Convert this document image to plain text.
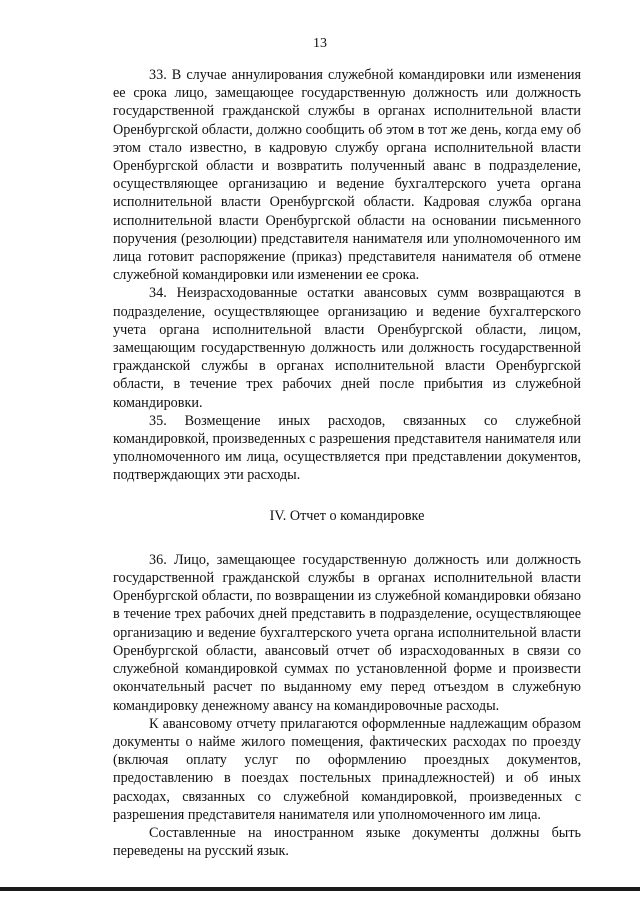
13

33. В случае аннулирования служебной командировки или изменения ее срока лицо, замещающее государственную должность или должность государственной гражданской службы в органах исполнительной власти Оренбургской области, должно сообщить об этом в тот же день, когда ему об этом стало известно, в кадровую службу органа исполнительной власти Оренбургской области и возвратить полученный аванс в подразделение, осуществляющее организацию и ведение бухгалтерского учета органа исполнительной власти Оренбургской области. Кадровая служба органа исполнительной власти Оренбургской области на основании письменного поручения (резолюции) представителя нанимателя или уполномоченного им лица готовит распоряжение (приказ) представителя нанимателя об отмене служебной командировки или изменении ее срока.

34. Неизрасходованные остатки авансовых сумм возвращаются в подразделение, осуществляющее организацию и ведение бухгалтерского учета органа исполнительной власти Оренбургской области, лицом, замещающим государственную должность или должность государственной гражданской службы в органах исполнительной власти Оренбургской области, в течение трех рабочих дней после прибытия из служебной командировки.

35. Возмещение иных расходов, связанных со служебной командировкой, произведенных с разрешения представителя нанимателя или уполномоченного им лица, осуществляется при представлении документов, подтверждающих эти расходы.

IV. Отчет о командировке

36. Лицо, замещающее государственную должность или должность государственной гражданской службы в органах исполнительной власти Оренбургской области, по возвращении из служебной командировки обязано в течение трех рабочих дней представить в подразделение, осуществляющее организацию и ведение бухгалтерского учета органа исполнительной власти Оренбургской области, авансовый отчет об израсходованных в связи со служебной командировкой суммах по установленной форме и произвести окончательный расчет по выданному ему перед отъездом в служебную командировку денежному авансу на командировочные расходы.

К авансовому отчету прилагаются оформленные надлежащим образом документы о найме жилого помещения, фактических расходах по проезду (включая оплату услуг по оформлению проездных документов, предоставлению в поездах постельных принадлежностей) и об иных расходах, связанных со служебной командировкой, произведенных с разрешения представителя нанимателя или уполномоченного им лица.

Составленные на иностранном языке документы должны быть переведены на русский язык.
